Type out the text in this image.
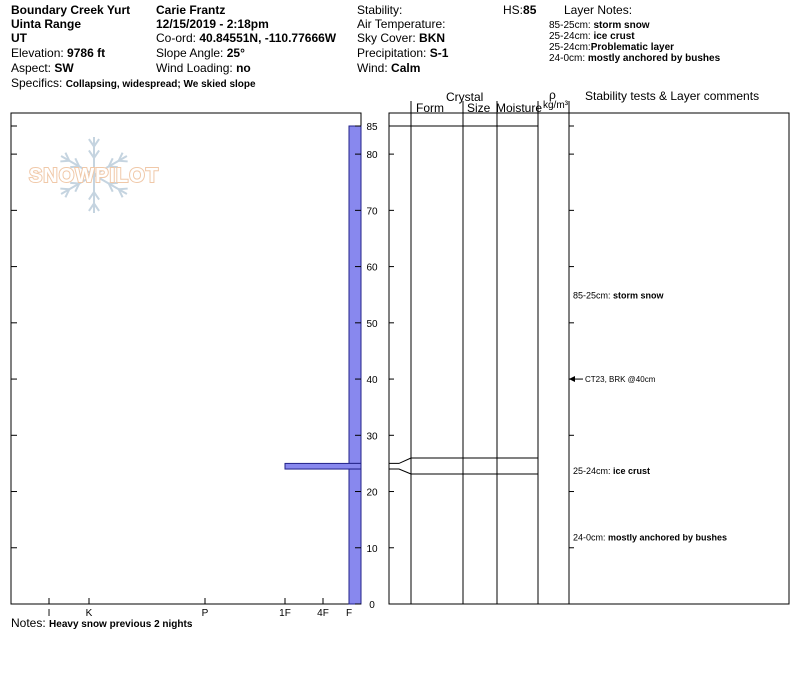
Boundary Creek Yurt
Uinta Range
UT
Elevation: 9786 ft
Aspect: SW
Specifics: Collapsing, widespread; We skied slope
Carie Frantz
12/15/2019 - 2:18pm
Co-ord: 40.84551N, -110.77666W
Slope Angle: 25°
Wind Loading: no
Stability:	HS:85
Air Temperature:
Sky Cover: BKN
Precipitation: S-1
Wind: Calm
Layer Notes:
85-25cm: storm snow
25-24cm: ice crust
25-24cm:Problematic layer
24-0cm: mostly anchored by bushes
Crystal
Form Size Moisture
ρ
kg/m³
Stability tests & Layer comments
Notes: Heavy snow previous 2 nights
SNOWPILOT
I	K	P	1F	4F F
0
10
20
30
40
50
60
70
80
85
85-25cm: storm snow
25-24cm: ice crust
24-0cm: mostly anchored by bushes
CT23, BRK @40cm
